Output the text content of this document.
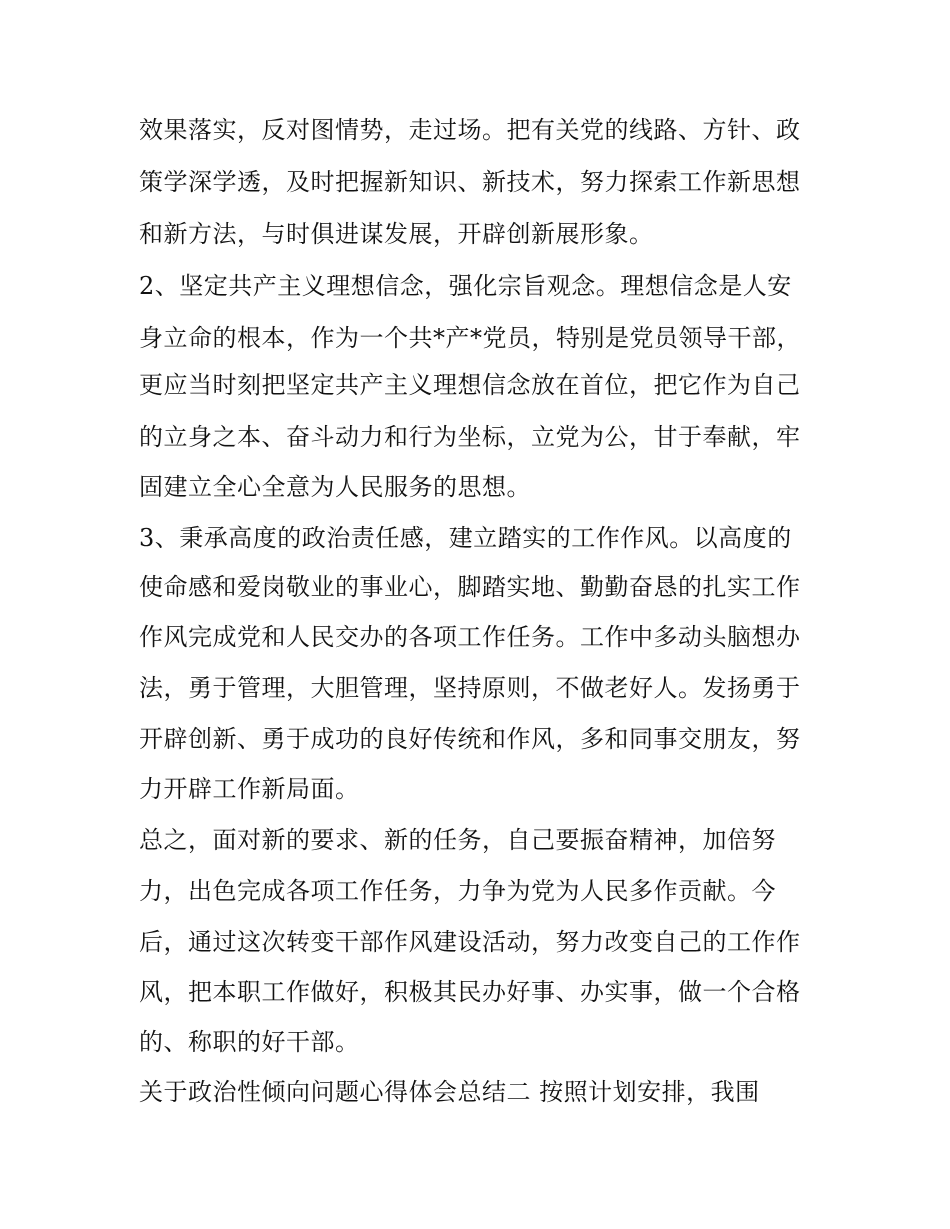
效果落实，反对图情势，走过场。把有关党的线路、方针、政
策学深学透，及时把握新知识、新技术，努力探索工作新思想
和新方法，与时俱进谋发展，开辟创新展形象。
2、坚定共产主义理想信念，强化宗旨观念。理想信念是人安
身立命的根本，作为一个共*产*党员，特别是党员领导干部，
更应当时刻把坚定共产主义理想信念放在首位，把它作为自己
的立身之本、奋斗动力和行为坐标，立党为公，甘于奉献，牢
固建立全心全意为人民服务的思想。
3、秉承高度的政治责任感，建立踏实的工作作风。以高度的
使命感和爱岗敬业的事业心，脚踏实地、勤勤奋恳的扎实工作
作风完成党和人民交办的各项工作任务。工作中多动头脑想办
法，勇于管理，大胆管理，坚持原则，不做老好人。发扬勇于
开辟创新、勇于成功的良好传统和作风，多和同事交朋友，努
力开辟工作新局面。
总之，面对新的要求、新的任务，自己要振奋精神，加倍努
力，出色完成各项工作任务，力争为党为人民多作贡献。今
后，通过这次转变干部作风建设活动，努力改变自己的工作作
风，把本职工作做好，积极其民办好事、办实事，做一个合格
的、称职的好干部。
关于政治性倾向问题心得体会总结二 按照计划安排，我围
